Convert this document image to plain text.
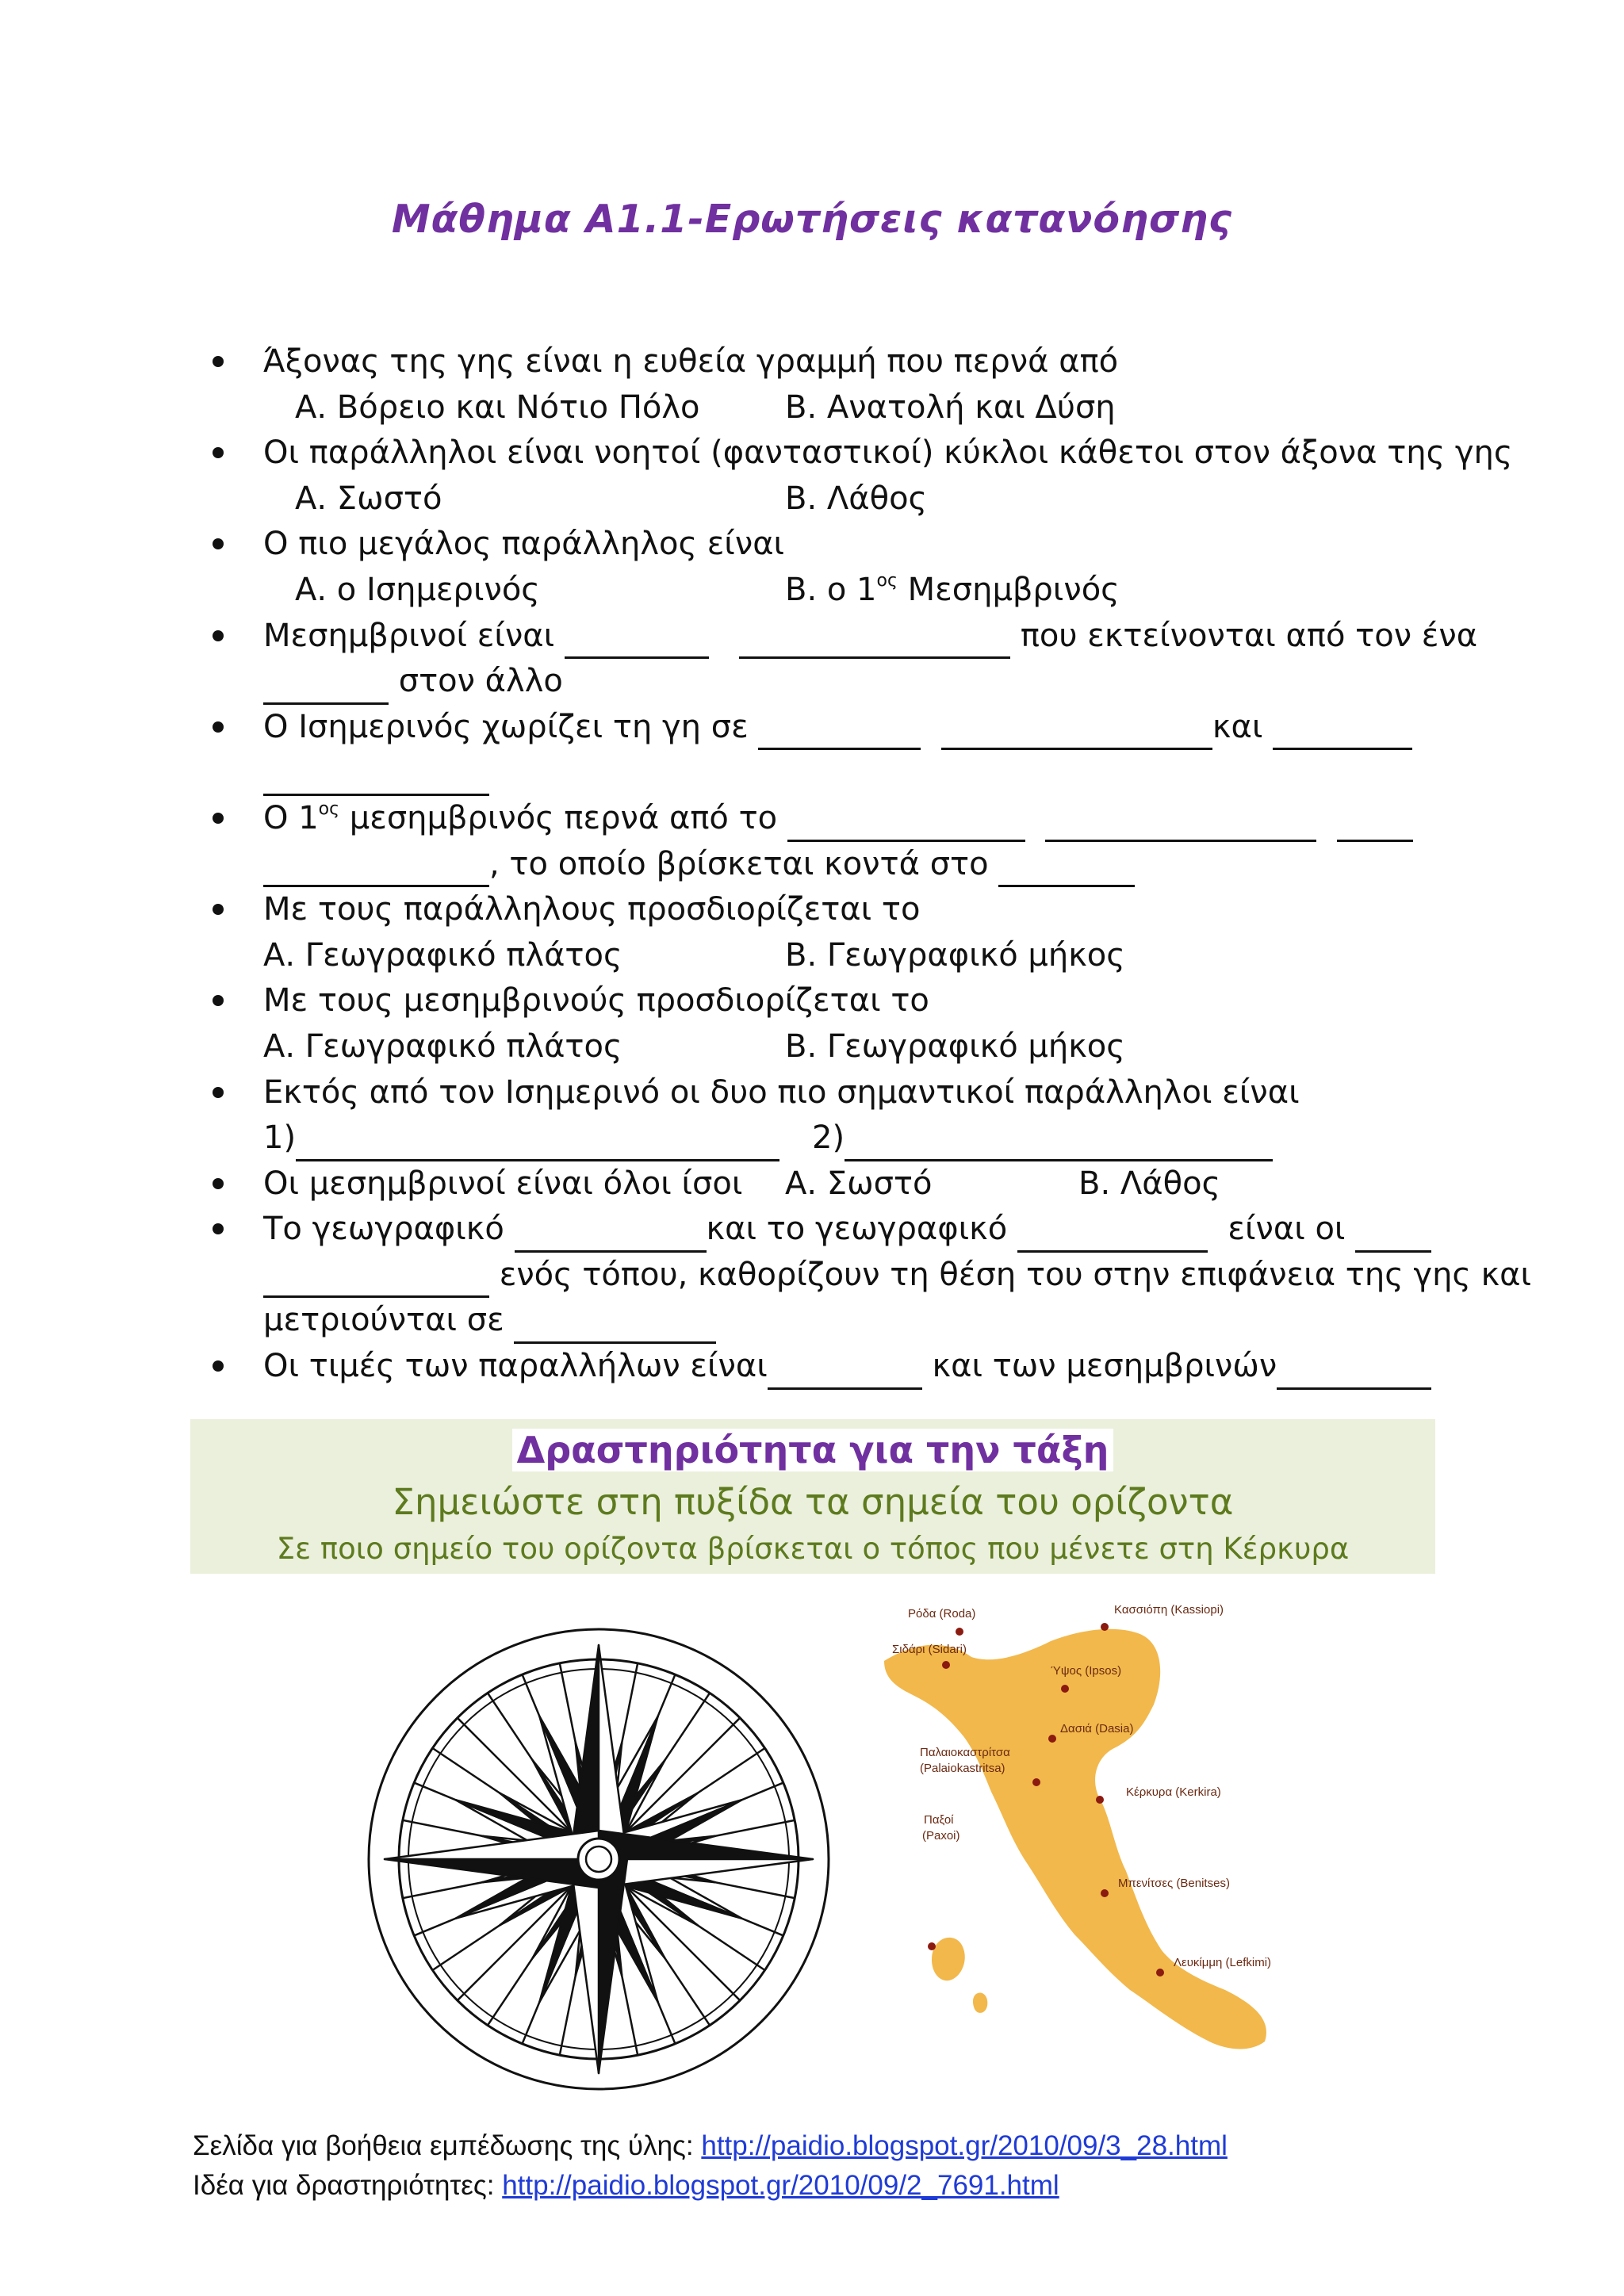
Μάθημα Α1.1-Ερωτήσεις κατανόησης
Άξονας της γης είναι η ευθεία γραμμή που περνά από
Α. Βόρειο και Νότιο Πόλο	Β. Ανατολή και Δύση
Οι παράλληλοι είναι νοητοί (φανταστικοί) κύκλοι κάθετοι στον άξονα της γης
Α. Σωστό	Β. Λάθος
Ο πιο μεγάλος παράλληλος είναι
Α. ο Ισημερινός	Β. ο $1^{o\varsigma}$ Μεσημβρινός
Μεσημβρινοί είναι	που εκτείνονται από τον ένα
στον άλλο
Ο Ισημερινός χωρίζει τη γη σε	και
Ο $1^{o\varsigma}$ μεσημβρινός περνά από το
, το οποίο βρίσκεται κοντά στο
Με τους παράλληλους προσδιορίζεται το
Α. Γεωγραφικό πλάτος	Β. Γεωγραφικό μήκος
Με τους μεσημβρινούς προσδιορίζεται το
Α. Γεωγραφικό πλάτος	Β. Γεωγραφικό μήκος
Εκτός από τον Ισημερινό οι δυο πιο σημαντικοί παράλληλοι είναι
1)	2)
Οι μεσημβρινοί είναι όλοι ίσοι Α. Σωστό	Β. Λάθος
Το γεωγραφικό	και το γεωγραφικό	είναι οι
ενός τόπου, καθορίζουν τη θέση του στην επιφάνεια της γης και
μετριούνται σε
Οι τιμές των παραλλήλων είναι	και των μεσημβρινών
Δραστηριότητα για την τάξη
Σημειώστε στη πυξίδα τα σημεία του ορίζοντα
Σε ποιο σημείο του ορίζοντα βρίσκεται ο τόπος που μένετε στη Κέρκυρα
Ρόδα (Roda)	Κασσιόπη (Kassiopi)
Σιδάρι (Sidari)
Ύψος (Ipsos)
Δασιά (Dasia)
Παλαιοκαστρίτσα
(Palaiokastritsa)
Κέρκυρα (Kerkira)
Παξοί
(Paxoi)
Μπενίτσες (Benitses)
Λευκίμμη (Lefkimi)
Σελίδα για βοήθεια εμπέδωσης της ύλης: http://paidio.blogspot.gr/2010/09/3_28.html
Ιδέα για δραστηριότητες: http://paidio.blogspot.gr/2010/09/2_7691.html
